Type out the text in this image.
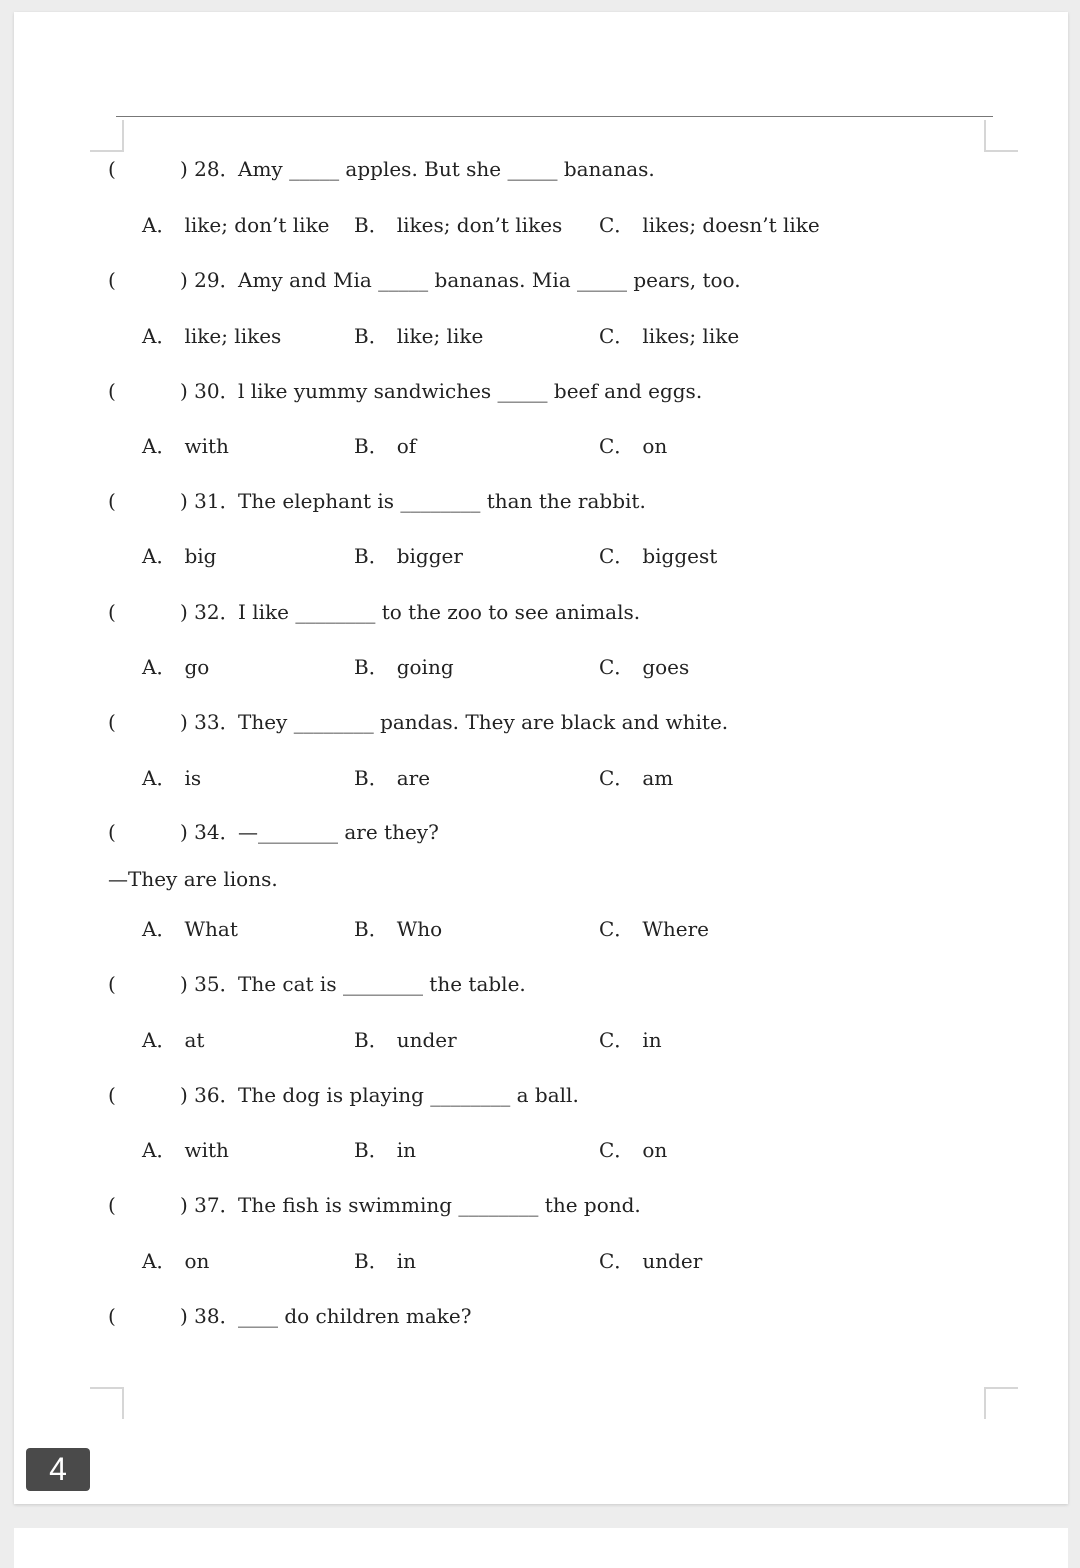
(	) 28．
Amy _____ apples. But she _____ bananas.
A． like; don’t like B． likes; don’t likes C． likes; doesn’t like
(	) 29．
Amy and Mia _____ bananas. Mia _____ pears, too.
A． like; likes	B． like; like	C． likes; like
(	) 30．
l like yummy sandwiches _____ beef and eggs.
A． with	B． of	C． on
(	) 31．
The elephant is ________ than the rabbit.
A． big	B． bigger	C． biggest
(	) 32．
I like ________ to the zoo to see animals.
A． go	B． going	C． goes
(	) 33．
They ________ pandas. They are black and white.
A． is	B． are	C． am
(	) 34．
—________ are they?
—They are lions.
A． What	B． Who	C． Where
(	) 35．
The cat is ________ the table.
A． at	B． under	C． in
(	) 36．
The dog is playing ________ a ball.
A． with	B． in	C． on
(	) 37．
The fish is swimming ________ the pond.
A． on	B． in	C． under
(	) 38．
____ do children make?
4
